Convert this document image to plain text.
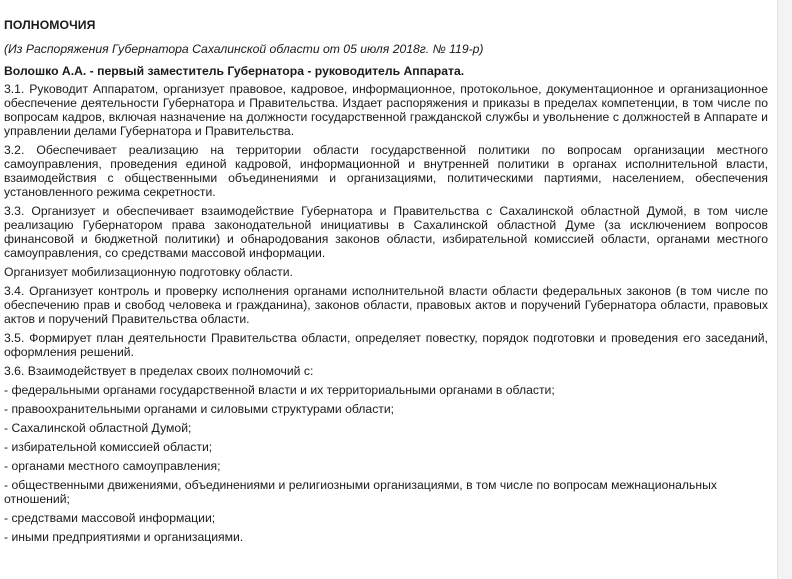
ПОЛНОМОЧИЯ
(Из Распоряжения Губернатора Сахалинской области от 05 июля 2018г. № 119-р)
Волошко А.А. - первый заместитель Губернатора - руководитель Аппарата.
3.1. Руководит Аппаратом, организует правовое, кадровое, информационное, протокольное, документационное и организационное обеспечение деятельности Губернатора и Правительства. Издает распоряжения и приказы в пределах компетенции, в том числе по вопросам кадров, включая назначение на должности государственной гражданской службы и увольнение с должностей в Аппарате и управлении делами Губернатора и Правительства.
3.2. Обеспечивает реализацию на территории области государственной политики по вопросам организации местного самоуправления, проведения единой кадровой, информационной и внутренней политики в органах исполнительной власти, взаимодействия с общественными объединениями и организациями, политическими партиями, населением, обеспечения установленного режима секретности.
3.3. Организует и обеспечивает взаимодействие Губернатора и Правительства с Сахалинской областной Думой, в том числе реализацию Губернатором права законодательной инициативы в Сахалинской областной Думе (за исключением вопросов финансовой и бюджетной политики) и обнародования законов области, избирательной комиссией области, органами местного самоуправления, со средствами массовой информации.
Организует мобилизационную подготовку области.
3.4. Организует контроль и проверку исполнения органами исполнительной власти области федеральных законов (в том числе по обеспечению прав и свобод человека и гражданина), законов области, правовых актов и поручений Губернатора области, правовых актов и поручений Правительства области.
3.5. Формирует план деятельности Правительства области, определяет повестку, порядок подготовки и проведения его заседаний, оформления решений.
3.6. Взаимодействует в пределах своих полномочий с:
- федеральными органами государственной власти и их территориальными органами в области;
- правоохранительными органами и силовыми структурами области;
- Сахалинской областной Думой;
- избирательной комиссией области;
- органами местного самоуправления;
- общественными движениями, объединениями и религиозными организациями, в том числе по вопросам межнациональных отношений;
- средствами массовой информации;
- иными предприятиями и организациями.
